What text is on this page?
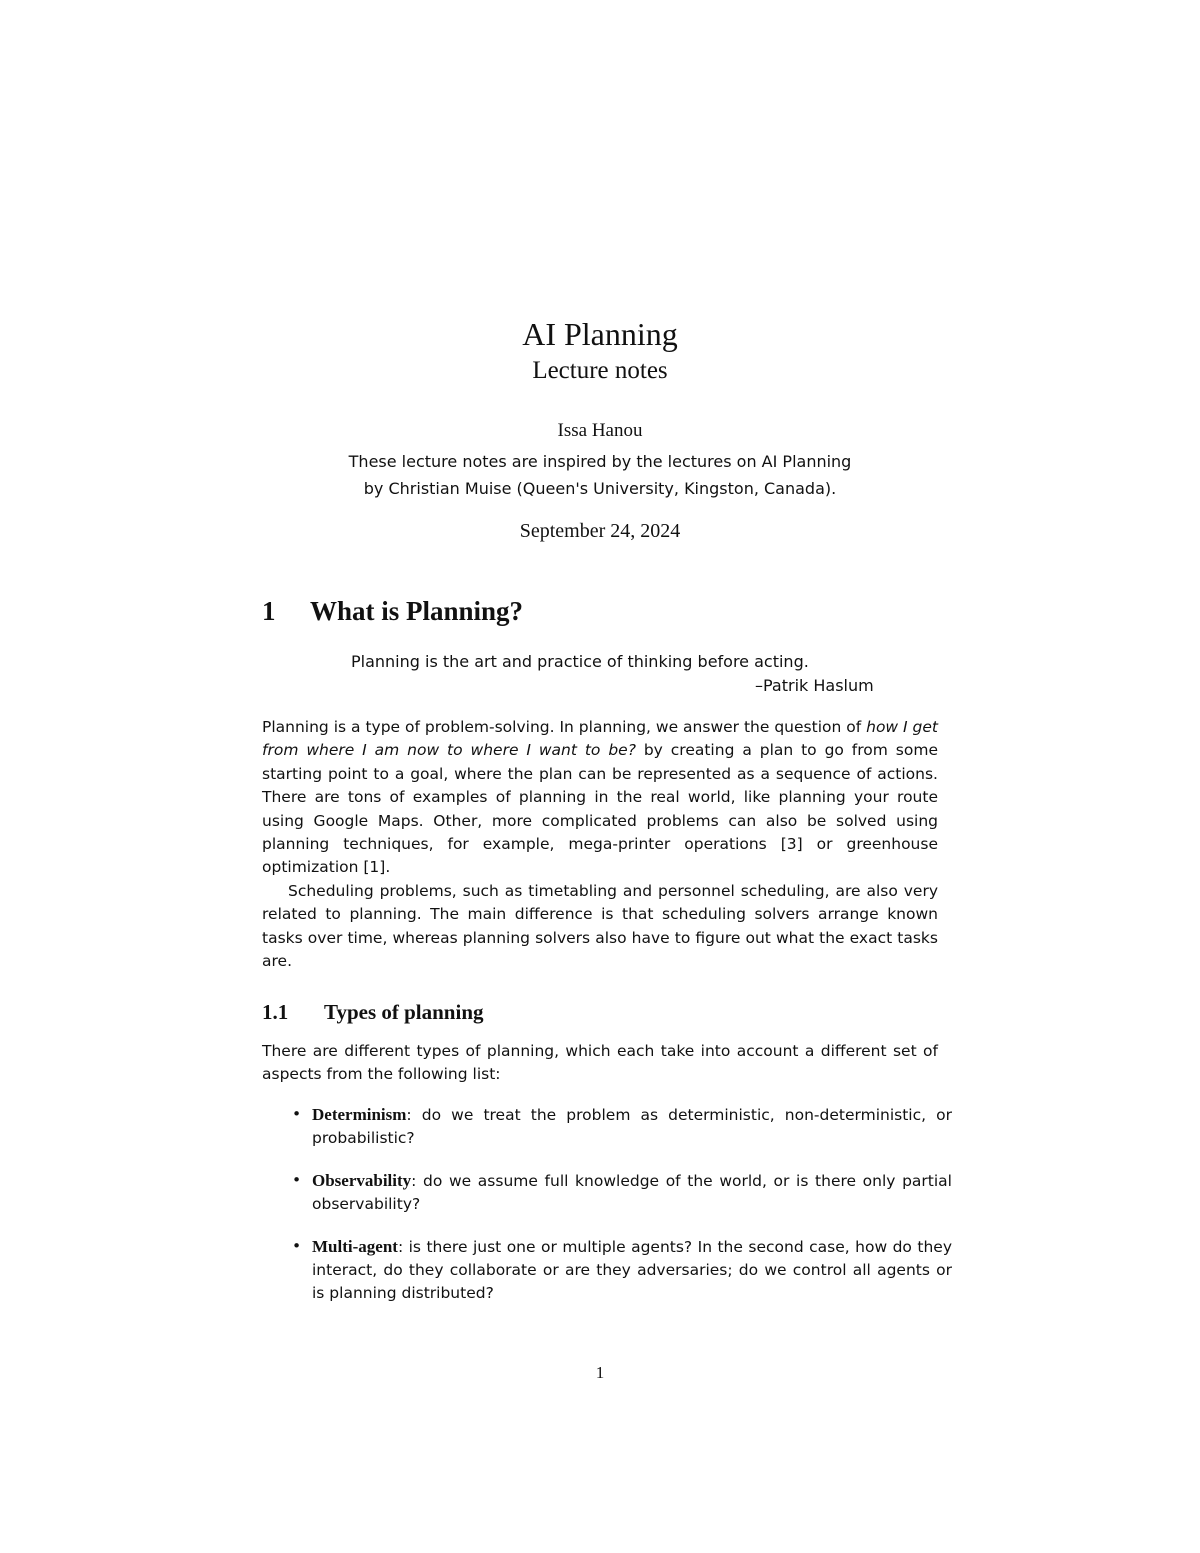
AI Planning
Lecture notes
Issa Hanou
These lecture notes are inspired by the lectures on AI Planning
by Christian Muise (Queen's University, Kingston, Canada).
September 24, 2024
1 What is Planning?
Planning is the art and practice of thinking before acting.
–Patrik Haslum

Planning is a type of problem-solving. In planning, we answer the question of how I get from where I am now to where I want to be? by creating a plan to go from some starting point to a goal, where the plan can be represented as a sequence of actions. There are tons of examples of planning in the real world, like planning your route using Google Maps. Other, more complicated problems can also be solved using planning techniques, for example, mega-printer operations [3] or greenhouse optimization [1].

Scheduling problems, such as timetabling and personnel scheduling, are also very related to planning. The main difference is that scheduling solvers arrange known tasks over time, whereas planning solvers also have to figure out what the exact tasks are.

1.1 Types of planning

There are different types of planning, which each take into account a different set of aspects from the following list:

• Determinism: do we treat the problem as deterministic, non-deterministic, or probabilistic?
• Observability: do we assume full knowledge of the world, or is there only partial observability?
• Multi-agent: is there just one or multiple agents? In the second case, how do they interact, do they collaborate or are they adversaries; do we control all agents or is planning distributed?
1
